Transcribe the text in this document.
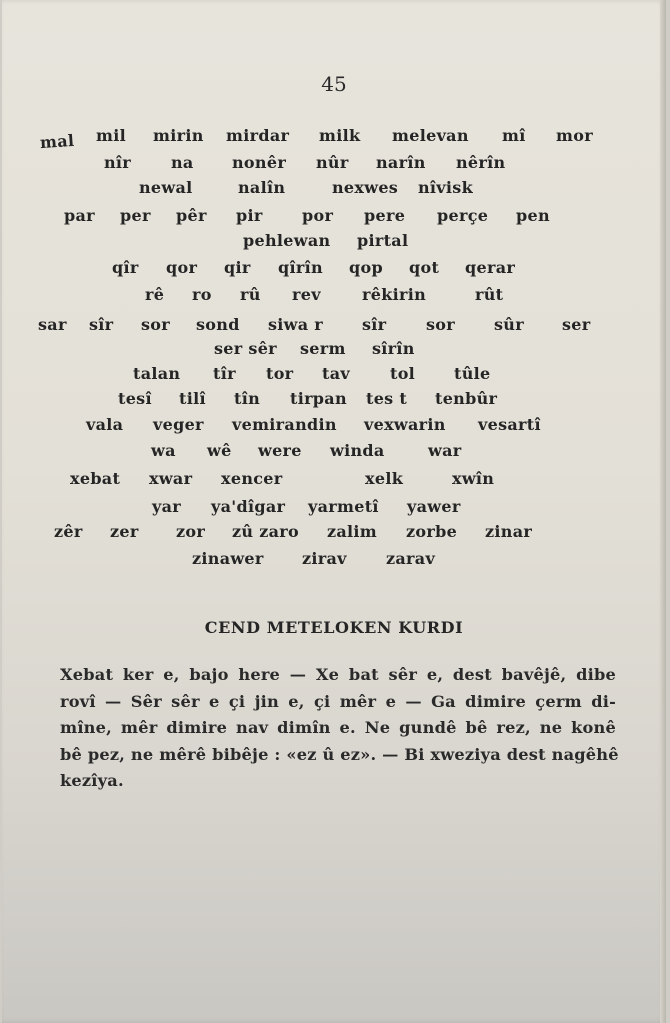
45
mal mil mirin mirdar milk melevan mî mor
nîr na nonêr nûr narîn nêrîn
newal	nalîn	nexwes nîvisk
par per pêr pir por pere perçe pen
pehlewan pirtal
qîr qor qir qîrîn qop qot qerar
rê ro rû rev	rêkirin	rût
sar sîr sor sond siwa r sîr sor sûr ser
ser sêr serm sîrîn
talan tîr tor tav	tol tûle
tesî tilî tîn tirpan tes t tenbûr
vala veger vemirandin vexwarin vesartî
wa wê were winda	war
xebat xwar xencer	xelk	xwîn
yar ya'dîgar yarmetî yawer
zêr zer zor zû zaro zalim zorbe zinar
zinawer zirav zarav
CEND METELOKEN KURDI
Xebat ker e, bajo here — Xe bat sêr e, dest bavêjê, dibe
rovî — Sêr sêr e çi jin e, çi mêr e — Ga dimire çerm di-
mîne, mêr dimire nav dimîn e. Ne gundê bê rez, ne konê
bê pez, ne mêrê bibêje : «ez û ez». — Bi xweziya dest nagêhê
kezîya.
